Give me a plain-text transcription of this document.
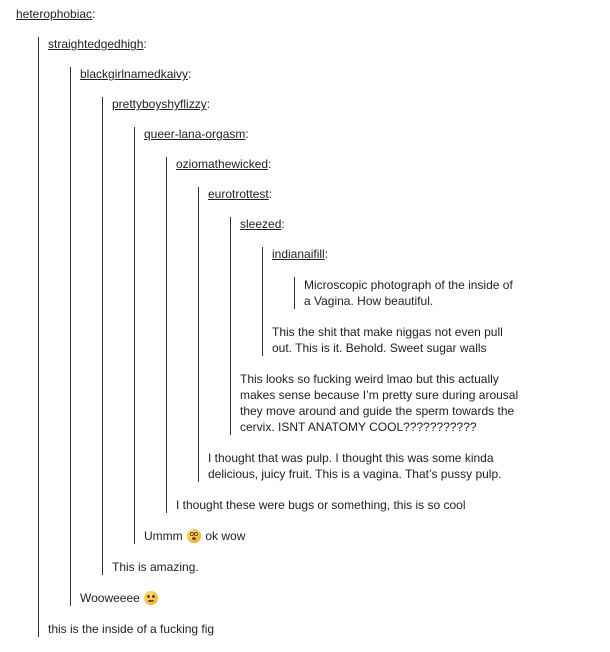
heterophobiac:
straightedgedhigh:
blackgirlnamedkaivy:
prettyboyshyflizzy:
queer-lana-orgasm:
oziomathewicked:
eurotrottest:
sleezed:
indianaifill:
Microscopic photograph of the inside of a Vagina. How beautiful.
This the shit that make niggas not even pull out. This is it. Behold. Sweet sugar walls
This looks so fucking weird lmao but this actually makes sense because I’m pretty sure during arousal they move around and guide the sperm towards the cervix. ISNT ANATOMY COOL???????????
I thought that was pulp. I thought this was some kinda delicious, juicy fruit. This is a vagina. That’s pussy pulp.
I thought these were bugs or something, this is so cool
Ummm ok wow
This is amazing.
Wooweeee
this is the inside of a fucking fig
